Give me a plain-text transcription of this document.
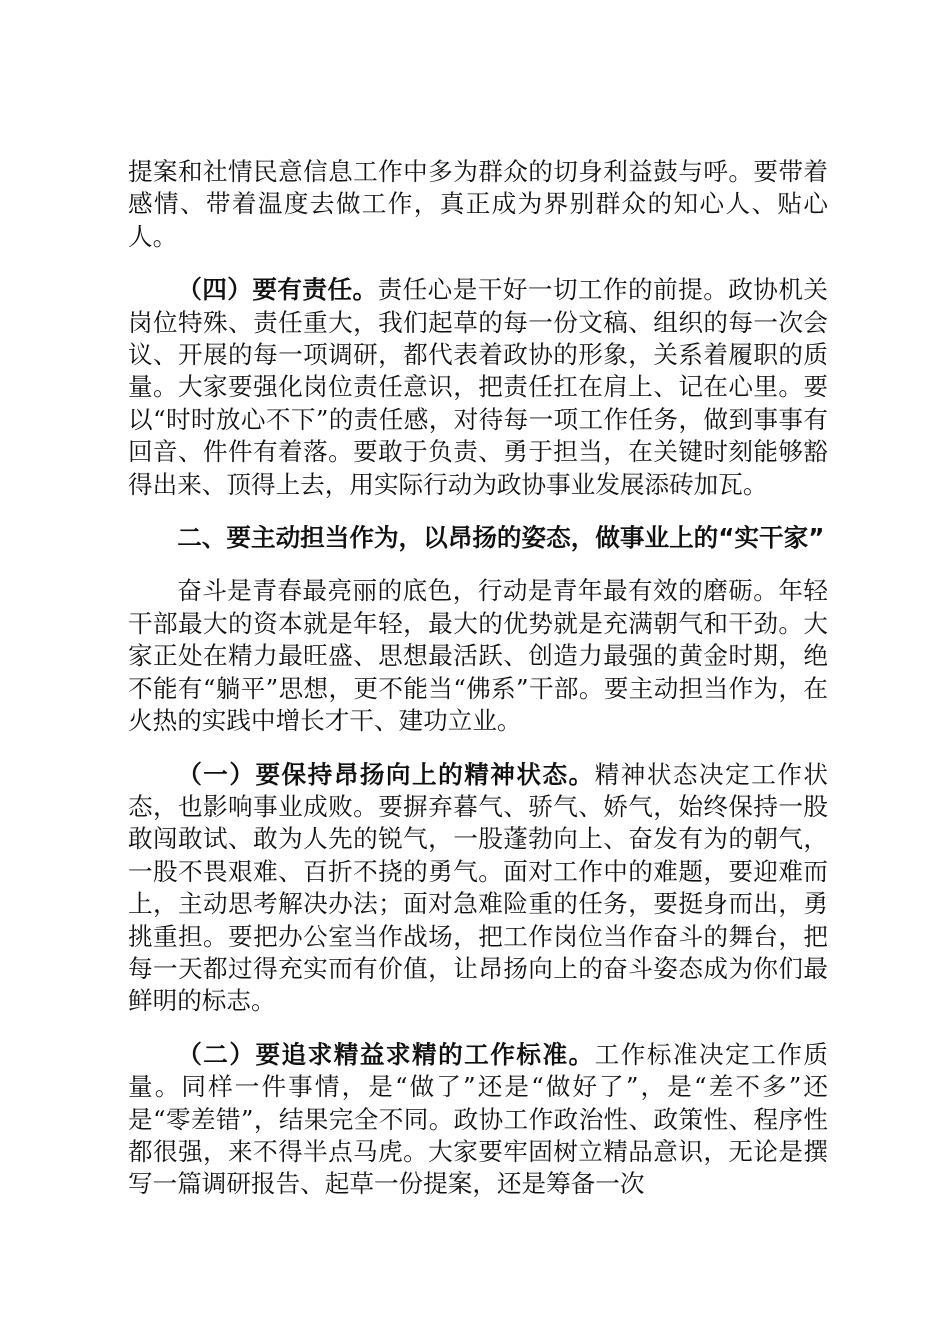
提案和社情民意信息工作中多为群众的切身利益鼓与呼。要带着感情、带着温度去做工作，真正成为界别群众的知心人、贴心人。

（四）要有责任。责任心是干好一切工作的前提。政协机关岗位特殊、责任重大，我们起草的每一份文稿、组织的每一次会议、开展的每一项调研，都代表着政协的形象，关系着履职的质量。大家要强化岗位责任意识，把责任扛在肩上、记在心里。要以“时时放心不下”的责任感，对待每一项工作任务，做到事事有回音、件件有着落。要敢于负责、勇于担当，在关键时刻能够豁得出来、顶得上去，用实际行动为政协事业发展添砖加瓦。

二、要主动担当作为，以昂扬的姿态，做事业上的“实干家”

奋斗是青春最亮丽的底色，行动是青年最有效的磨砺。年轻干部最大的资本就是年轻，最大的优势就是充满朝气和干劲。大家正处在精力最旺盛、思想最活跃、创造力最强的黄金时期，绝不能有“躺平”思想，更不能当“佛系”干部。要主动担当作为，在火热的实践中增长才干、建功立业。

（一）要保持昂扬向上的精神状态。精神状态决定工作状态，也影响事业成败。要摒弃暮气、骄气、娇气，始终保持一股敢闯敢试、敢为人先的锐气，一股蓬勃向上、奋发有为的朝气，一股不畏艰难、百折不挠的勇气。面对工作中的难题，要迎难而上，主动思考解决办法；面对急难险重的任务，要挺身而出，勇挑重担。要把办公室当作战场，把工作岗位当作奋斗的舞台，把每一天都过得充实而有价值，让昂扬向上的奋斗姿态成为你们最鲜明的标志。

（二）要追求精益求精的工作标准。工作标准决定工作质量。同样一件事情，是“做了”还是“做好了”，是“差不多”还是“零差错”，结果完全不同。政协工作政治性、政策性、程序性都很强，来不得半点马虎。大家要牢固树立精品意识，无论是撰写一篇调研报告、起草一份提案，还是筹备一次
